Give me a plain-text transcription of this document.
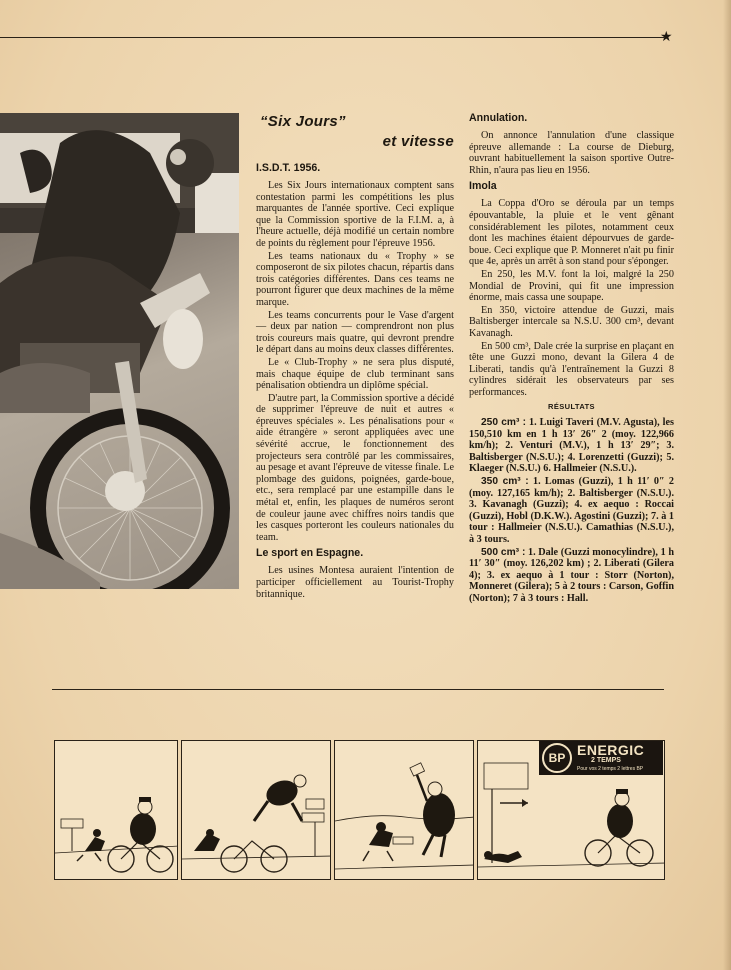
★
“Six Jours”
et vitesse
I.S.D.T. 1956.

Les Six Jours internationaux comptent sans contestation parmi les compétitions les plus marquantes de l'année sportive. Ceci explique que la Commission sportive de la F.I.M. a, à l'heure actuelle, déjà modifié un certain nombre de points du règlement pour l'épreuve 1956.

Les teams nationaux du « Trophy » se composeront de six pilotes chacun, répartis dans trois catégories différentes. Dans ces teams ne pourront figurer que deux machines de la même marque.

Les teams concurrents pour le Vase d'argent — deux par nation — comprendront non plus trois coureurs mais quatre, qui devront prendre le départ dans au moins deux classes différentes.

Le « Club-Trophy » ne sera plus disputé, mais chaque équipe de club terminant sans pénalisation obtiendra un diplôme spécial.

D'autre part, la Commission sportive a décidé de supprimer l'épreuve de nuit et autres « épreuves spéciales ». Les pénalisations pour « aide étrangère » seront appliquées avec une sévérité accrue, le fonctionnement des projecteurs sera contrôlé par les commissaires, au pesage et avant l'épreuve de vitesse finale. Le plombage des guidons, poignées, garde-boue, etc., sera remplacé par une estampille dans le métal et, enfin, les plaques de numéros seront de couleur jaune avec chiffres noirs tandis que les casques porteront les couleurs nationales du team.

Le sport en Espagne.

Les usines Montesa auraient l'intention de participer officiellement au Tourist-Trophy britannique.

Annulation.

On annonce l'annulation d'une classique épreuve allemande : La course de Dieburg, ouvrant habituellement la saison sportive Outre-Rhin, n'aura pas lieu en 1956.

Imola

La Coppa d'Oro se déroula par un temps épouvantable, la pluie et le vent gênant considérablement les pilotes, notamment ceux dont les machines étaient dépourvues de garde-boue. Ceci explique que P. Monneret n'ait pu finir que 4e, après un arrêt à son stand pour s'éponger.

En 250, les M.V. font la loi, malgré la 250 Mondial de Provini, qui fit une impression énorme, mais cassa une soupape.

En 350, victoire attendue de Guzzi, mais Baltisberger intercale sa N.S.U. 300 cm³, devant Kavanagh.

En 500 cm³, Dale crée la surprise en plaçant en tête une Guzzi mono, devant la Gilera 4 de Liberati, tandis qu'à l'entraînement la Guzzi 8 cylindres sidérait les observateurs par ses performances.

RÉSULTATS

250 cm³ : 1. Luigi Taveri (M.V. Agusta), les 150,510 km en 1 h 13′ 26″ 2 (moy. 122,966 km/h); 2. Venturi (M.V.), 1 h 13′ 29″; 3. Baltisberger (N.S.U.); 4. Lorenzetti (Guzzi); 5. Klaeger (N.S.U.) 6. Hallmeier (N.S.U.).

350 cm³ : 1. Lomas (Guzzi), 1 h 11′ 0″ 2 (moy. 127,165 km/h); 2. Baltisberger (N.S.U.). 3. Kavanagh (Guzzi); 4. ex aequo : Roccai (Guzzi), Hobl (D.K.W.). Agostini (Guzzi); 7. à 1 tour : Hallmeier (N.S.U.). Camathias (N.S.U.), à 3 tours.

500 cm³ : 1. Dale (Guzzi monocylindre), 1 h 11′ 30″ (moy. 126,202 km) ; 2. Liberati (Gilera 4); 3. ex aequo à 1 tour : Storr (Norton), Monneret (Gilera); 5 à 2 tours : Carson, Goffin (Norton); 7 à 3 tours : Hall.

BP ENERGIC
2 TEMPS
Pour vos 2 temps 2 lettres BP
